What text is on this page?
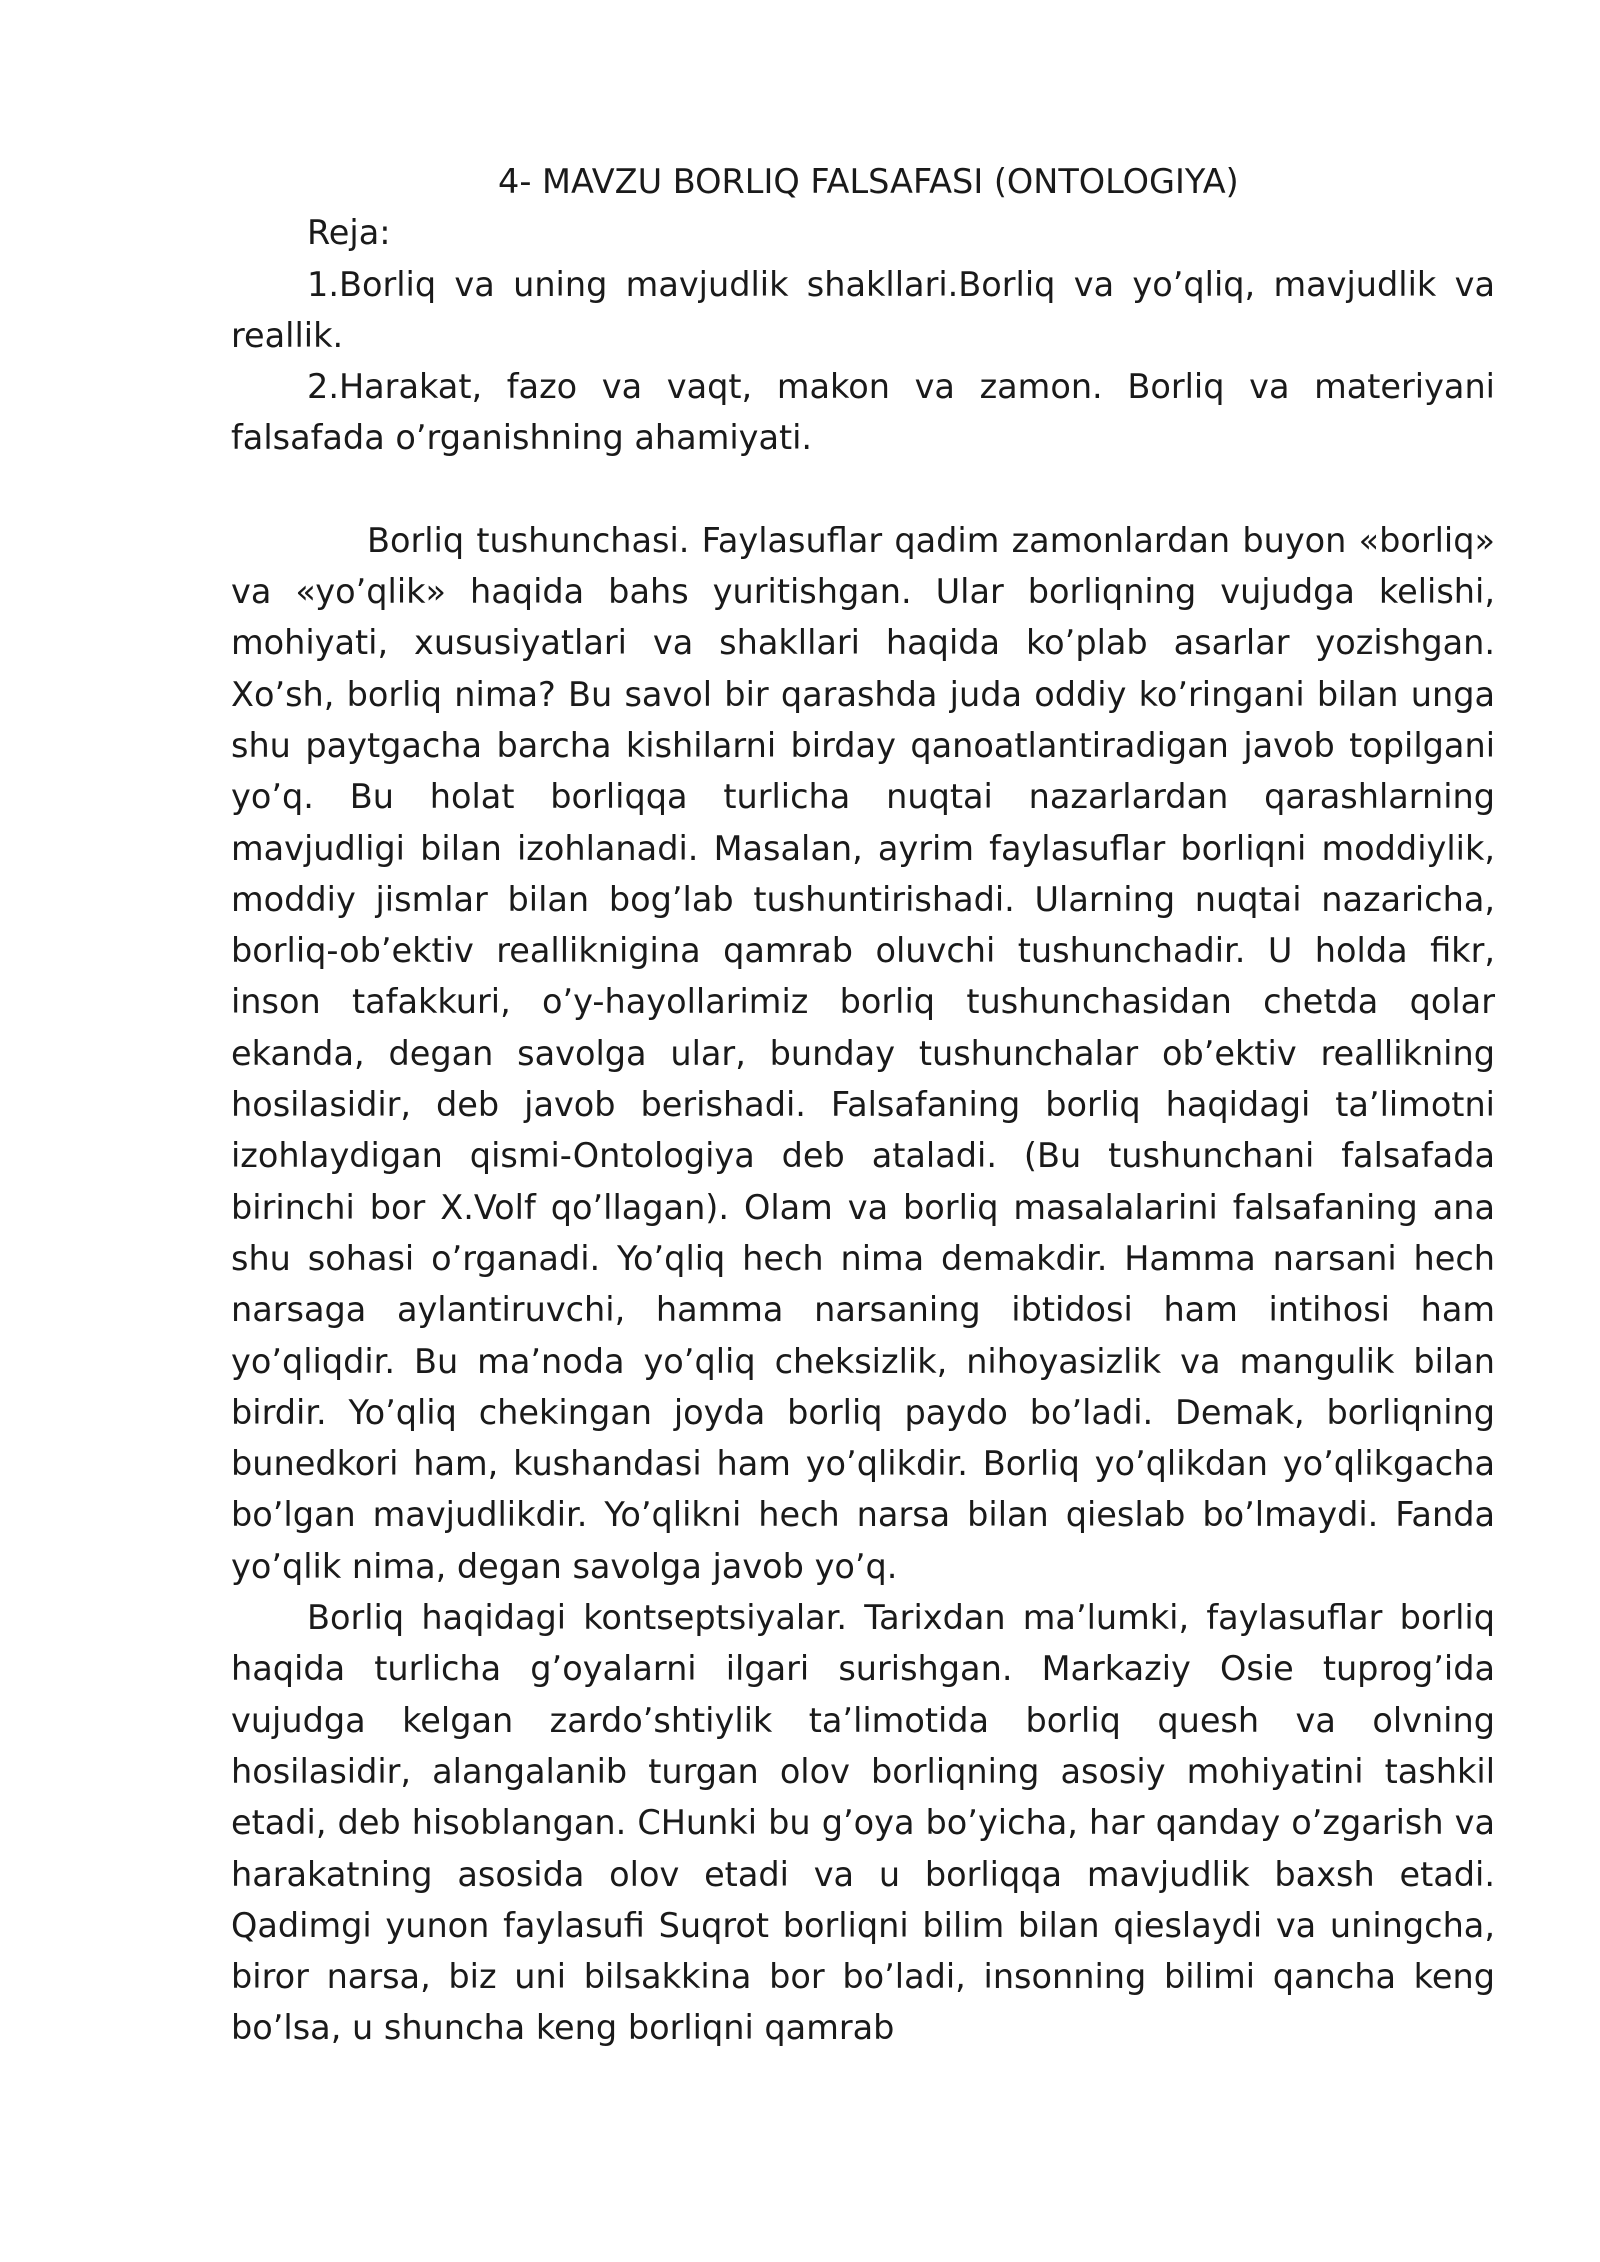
4- MAVZU BORLIQ FALSAFASI (ONTOLOGIYA)

Reja:

1.Borliq va uning mavjudlik shakllari.Borliq va yo’qliq, mavjudlik va reallik.

2.Harakat, fazo va vaqt, makon va zamon. Borliq va materiyani falsafada o’rganishning ahamiyati.

Borliq tushunchasi. Faylasuflar qadim zamonlardan buyon «borliq» va «yo’qlik» haqida bahs yuritishgan. Ular borliqning vujudga kelishi, mohiyati, xususiyatlari va shakllari haqida ko’plab asarlar yozishgan. Xo’sh, borliq nima? Bu savol bir qarashda juda oddiy ko’ringani bilan unga shu paytgacha barcha kishilarni birday qanoatlantiradigan javob topilgani yo’q. Bu holat borliqqa turlicha nuqtai nazarlardan qarashlarning mavjudligi bilan izohlanadi. Masalan, ayrim faylasuflar borliqni moddiylik, moddiy jismlar bilan bog’lab tushuntirishadi. Ularning nuqtai nazaricha, borliq-ob’ektiv realliknigina qamrab oluvchi tushunchadir. U holda fikr, inson tafakkuri, o’y-hayollarimiz borliq tushunchasidan chetda qolar ekanda, degan savolga ular, bunday tushunchalar ob’ektiv reallikning hosilasidir, deb javob berishadi. Falsafaning borliq haqidagi ta’limotni izohlaydigan qismi-Ontologiya deb ataladi. (Bu tushunchani falsafada birinchi bor X.Volf qo’llagan). Olam va borliq masalalarini falsafaning ana shu sohasi o’rganadi. Yo’qliq hech nima demakdir. Hamma narsani hech narsaga aylantiruvchi, hamma narsaning ibtidosi ham intihosi ham yo’qliqdir. Bu ma’noda yo’qliq cheksizlik, nihoyasizlik va mangulik bilan birdir. Yo’qliq chekingan joyda borliq paydo bo’ladi. Demak, borliqning bunedkori ham, kushandasi ham yo’qlikdir. Borliq yo’qlikdan yo’qlikgacha bo’lgan mavjudlikdir. Yo’qlikni hech narsa bilan qieslab bo’lmaydi. Fanda yo’qlik nima, degan savolga javob yo’q.

Borliq haqidagi kontseptsiyalar. Tarixdan ma’lumki, faylasuflar borliq haqida turlicha g’oyalarni ilgari surishgan. Markaziy Osie tuprog’ida vujudga kelgan zardo’shtiylik ta’limotida borliq quesh va olvning hosilasidir, alangalanib turgan olov borliqning asosiy mohiyatini tashkil etadi, deb hisoblangan. CHunki bu g’oya bo’yicha, har qanday o’zgarish va harakatning asosida olov etadi va u borliqqa mavjudlik baxsh etadi. Qadimgi yunon faylasufi Suqrot borliqni bilim bilan qieslaydi va uningcha, biror narsa, biz uni bilsakkina bor bo’ladi, insonning bilimi qancha keng bo’lsa, u shuncha keng borliqni qamrab
